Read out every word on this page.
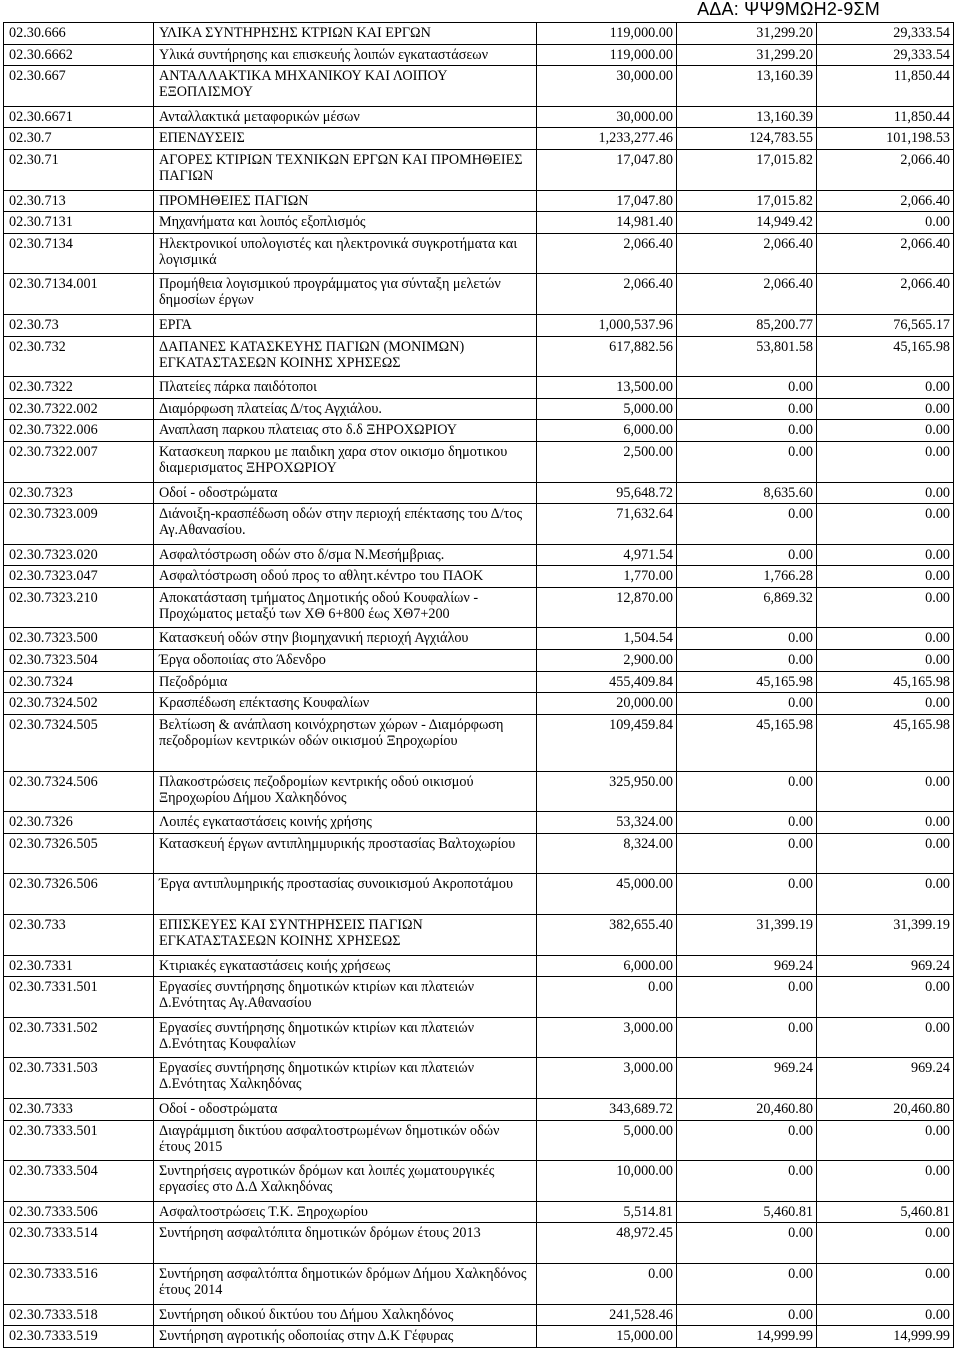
ΑΔΑ: ΨΨ9ΜΩΗ2-9ΣΜ
02.30.666	ΥΛΙΚΑ ΣΥΝΤΗΡΗΣΗΣ ΚΤΡΙΩΝ ΚΑΙ ΕΡΓΩΝ	119,000.00	31,299.20	29,333.54
02.30.6662	Υλικά συντήρησης και επισκευής λοιπών εγκαταστάσεων	119,000.00	31,299.20	29,333.54
02.30.667	ΑΝΤΑΛΛΑΚΤΙΚΑ ΜΗΧΑΝΙΚΟΥ ΚΑΙ ΛΟΙΠΟΥ ΕΞΟΠΛΙΣΜΟΥ	30,000.00	13,160.39	11,850.44
02.30.6671	Ανταλλακτικά μεταφορικών μέσων	30,000.00	13,160.39	11,850.44
02.30.7	ΕΠΕΝΔΥΣΕΙΣ	1,233,277.46	124,783.55	101,198.53
02.30.71	ΑΓΟΡΕΣ ΚΤΙΡΙΩΝ ΤΕΧΝΙΚΩΝ ΕΡΓΩΝ ΚΑΙ ΠΡΟΜΗΘΕΙΕΣ ΠΑΓΙΩΝ	17,047.80	17,015.82	2,066.40
02.30.713	ΠΡΟΜΗΘΕΙΕΣ ΠΑΓΙΩΝ	17,047.80	17,015.82	2,066.40
02.30.7131	Μηχανήματα και λοιπός εξοπλισμός	14,981.40	14,949.42	0.00
02.30.7134	Ηλεκτρονικοί υπολογιστές και ηλεκτρονικά συγκροτήματα και λογισμικά	2,066.40	2,066.40	2,066.40
02.30.7134.001	Προμήθεια λογισμικού προγράμματος για σύνταξη μελετών δημοσίων έργων	2,066.40	2,066.40	2,066.40
02.30.73	ΕΡΓΑ	1,000,537.96	85,200.77	76,565.17
02.30.732	ΔΑΠΑΝΕΣ ΚΑΤΑΣΚΕΥΗΣ ΠΑΓΙΩΝ (ΜΟΝΙΜΩΝ) ΕΓΚΑΤΑΣΤΑΣΕΩΝ ΚΟΙΝΗΣ ΧΡΗΣΕΩΣ	617,882.56	53,801.58	45,165.98
02.30.7322	Πλατείες πάρκα παιδότοποι	13,500.00	0.00	0.00
02.30.7322.002	Διαμόρφωση πλατείας Δ/τος Αγχιάλου.	5,000.00	0.00	0.00
02.30.7322.006	Αναπλαση παρκου πλατειας στο δ.δ ΞΗΡΟΧΩΡΙΟΥ	6,000.00	0.00	0.00
02.30.7322.007	Κατασκευη παρκου με παιδικη χαρα στον οικισμο δημοτικου διαμερισματος ΞΗΡΟΧΩΡΙΟΥ	2,500.00	0.00	0.00
02.30.7323	Οδοί - οδοστρώματα	95,648.72	8,635.60	0.00
02.30.7323.009	Διάνοιξη-κρασπέδωση οδών στην περιοχή επέκτασης του Δ/τος Αγ.Αθανασίου.	71,632.64	0.00	0.00
02.30.7323.020	Ασφαλτόστρωση οδών στο δ/σμα Ν.Μεσήμβριας.	4,971.54	0.00	0.00
02.30.7323.047	Ασφαλτόστρωση οδού προς το αθλητ.κέντρο του ΠΑΟΚ	1,770.00	1,766.28	0.00
02.30.7323.210	Αποκατάσταση τμήματος Δημοτικής οδού Κουφαλίων - Προχώματος μεταξύ των ΧΘ 6+800 έως ΧΘ7+200	12,870.00	6,869.32	0.00
02.30.7323.500	Κατασκευή οδών στην βιομηχανική περιοχή Αγχιάλου	1,504.54	0.00	0.00
02.30.7323.504	Έργα οδοποιίας στο Άδενδρο	2,900.00	0.00	0.00
02.30.7324	Πεζοδρόμια	455,409.84	45,165.98	45,165.98
02.30.7324.502	Κρασπέδωση επέκτασης Κουφαλίων	20,000.00	0.00	0.00
02.30.7324.505	Βελτίωση & ανάπλαση κοινόχρηστων χώρων - Διαμόρφωση πεζοδρομίων κεντρικών οδών οικισμού Ξηροχωρίου	109,459.84	45,165.98	45,165.98
02.30.7324.506	Πλακοστρώσεις πεζοδρομίων κεντρικής οδού οικισμού Ξηροχωρίου Δήμου Χαλκηδόνος	325,950.00	0.00	0.00
02.30.7326	Λοιπές εγκαταστάσεις κοινής χρήσης	53,324.00	0.00	0.00
02.30.7326.505	Κατασκευή έργων αντιπλημμυρικής προστασίας Βαλτοχωρίου	8,324.00	0.00	0.00
02.30.7326.506	Έργα αντιπλυμηρικής προστασίας συνοικισμού Ακροποτάμου	45,000.00	0.00	0.00
02.30.733	ΕΠΙΣΚΕΥΕΣ ΚΑΙ ΣΥΝΤΗΡΗΣΕΙΣ ΠΑΓΙΩΝ ΕΓΚΑΤΑΣΤΑΣΕΩΝ ΚΟΙΝΗΣ ΧΡΗΣΕΩΣ	382,655.40	31,399.19	31,399.19
02.30.7331	Κτιριακές εγκαταστάσεις κοιής χρήσεως	6,000.00	969.24	969.24
02.30.7331.501	Εργασίες συντήρησης δημοτικών κτιρίων και πλατειών Δ.Ενότητας Αγ.Αθανασίου	0.00	0.00	0.00
02.30.7331.502	Εργασίες συντήρησης δημοτικών κτιρίων και πλατειών Δ.Ενότητας Κουφαλίων	3,000.00	0.00	0.00
02.30.7331.503	Εργασίες συντήρησης δημοτικών κτιρίων και πλατειών Δ.Ενότητας Χαλκηδόνας	3,000.00	969.24	969.24
02.30.7333	Οδοί - οδοστρώματα	343,689.72	20,460.80	20,460.80
02.30.7333.501	Διαγράμμιση δικτύου ασφαλτοστρωμένων δημοτικών οδών έτους 2015	5,000.00	0.00	0.00
02.30.7333.504	Συντηρήσεις αγροτικών δρόμων και λοιπές χωματουργικές εργασίες στο Δ.Δ Χαλκηδόνας	10,000.00	0.00	0.00
02.30.7333.506	Ασφαλτοστρώσεις Τ.Κ. Ξηροχωρίου	5,514.81	5,460.81	5,460.81
02.30.7333.514	Συντήρηση ασφαλτόπιτα δημοτικών δρόμων έτους 2013	48,972.45	0.00	0.00
02.30.7333.516	Συντήρηση ασφαλτόπτα δημοτικών δρόμων Δήμου Χαλκηδόνος έτους 2014	0.00	0.00	0.00
02.30.7333.518	Συντήρηση οδικού δικτύου του Δήμου Χαλκηδόνος	241,528.46	0.00	0.00
02.30.7333.519	Συντήρηση αγροτικής οδοποιίας στην Δ.Κ Γέφυρας	15,000.00	14,999.99	14,999.99
